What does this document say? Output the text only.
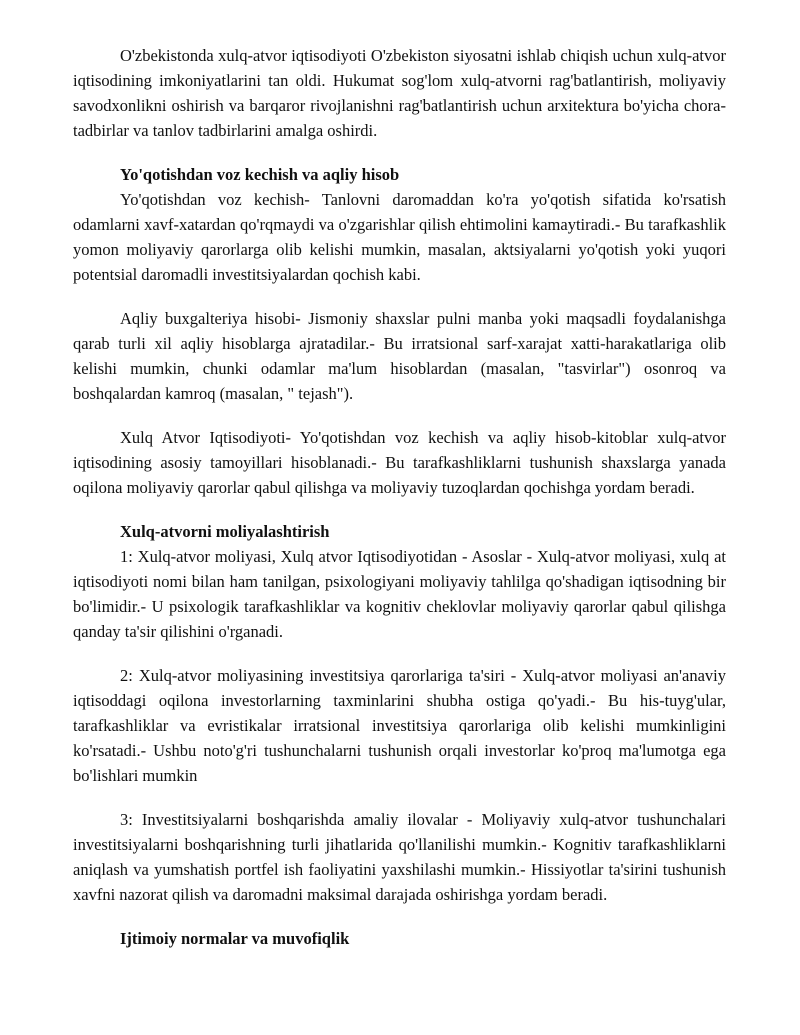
O'zbekistonda xulq-atvor iqtisodiyoti O'zbekiston siyosatni ishlab chiqish uchun xulq-atvor iqtisodining imkoniyatlarini tan oldi. Hukumat sog'lom xulq-atvorni rag'batlantirish, moliyaviy savodxonlikni oshirish va barqaror rivojlanishni rag'batlantirish uchun arxitektura bo'yicha chora-tadbirlar va tanlov tadbirlarini amalga oshirdi.

Yo'qotishdan voz kechish va aqliy hisob

Yo'qotishdan voz kechish- Tanlovni daromaddan ko'ra yo'qotish sifatida ko'rsatish odamlarni xavf-xatardan qo'rqmaydi va o'zgarishlar qilish ehtimolini kamaytiradi.- Bu tarafkashlik yomon moliyaviy qarorlarga olib kelishi mumkin, masalan, aktsiyalarni yo'qotish yoki yuqori potentsial daromadli investitsiyalardan qochish kabi.

Aqliy buxgalteriya hisobi- Jismoniy shaxslar pulni manba yoki maqsadli foydalanishga qarab turli xil aqliy hisoblarga ajratadilar.- Bu irratsional sarf-xarajat xatti-harakatlariga olib kelishi mumkin, chunki odamlar ma'lum hisoblardan (masalan, "tasvirlar") osonroq va boshqalardan kamroq (masalan, " tejash").

Xulq Atvor Iqtisodiyoti- Yo'qotishdan voz kechish va aqliy hisob-kitoblar xulq-atvor iqtisodining asosiy tamoyillari hisoblanadi.- Bu tarafkashliklarni tushunish shaxslarga yanada oqilona moliyaviy qarorlar qabul qilishga va moliyaviy tuzoqlardan qochishga yordam beradi.

Xulq-atvorni moliyalashtirish

1: Xulq-atvor moliyasi, Xulq atvor Iqtisodiyotidan - Asoslar - Xulq-atvor moliyasi, xulq at iqtisodiyoti nomi bilan ham tanilgan, psixologiyani moliyaviy tahlilga qo'shadigan iqtisodning bir bo'limidir.- U psixologik tarafkashliklar va kognitiv cheklovlar moliyaviy qarorlar qabul qilishga qanday ta'sir qilishini o'rganadi.

2: Xulq-atvor moliyasining investitsiya qarorlariga ta'siri - Xulq-atvor moliyasi an'anaviy iqtisoddagi oqilona investorlarning taxminlarini shubha ostiga qo'yadi.- Bu his-tuyg'ular, tarafkashliklar va evristikalar irratsional investitsiya qarorlariga olib kelishi mumkinligini ko'rsatadi.- Ushbu noto'g'ri tushunchalarni tushunish orqali investorlar ko'proq ma'lumotga ega bo'lishlari mumkin

3: Investitsiyalarni boshqarishda amaliy ilovalar - Moliyaviy xulq-atvor tushunchalari investitsiyalarni boshqarishning turli jihatlarida qo'llanilishi mumkin.- Kognitiv tarafkashliklarni aniqlash va yumshatish portfel ish faoliyatini yaxshilashi mumkin.- Hissiyotlar ta'sirini tushunish xavfni nazorat qilish va daromadni maksimal darajada oshirishga yordam beradi.

Ijtimoiy normalar va muvofiqlik
